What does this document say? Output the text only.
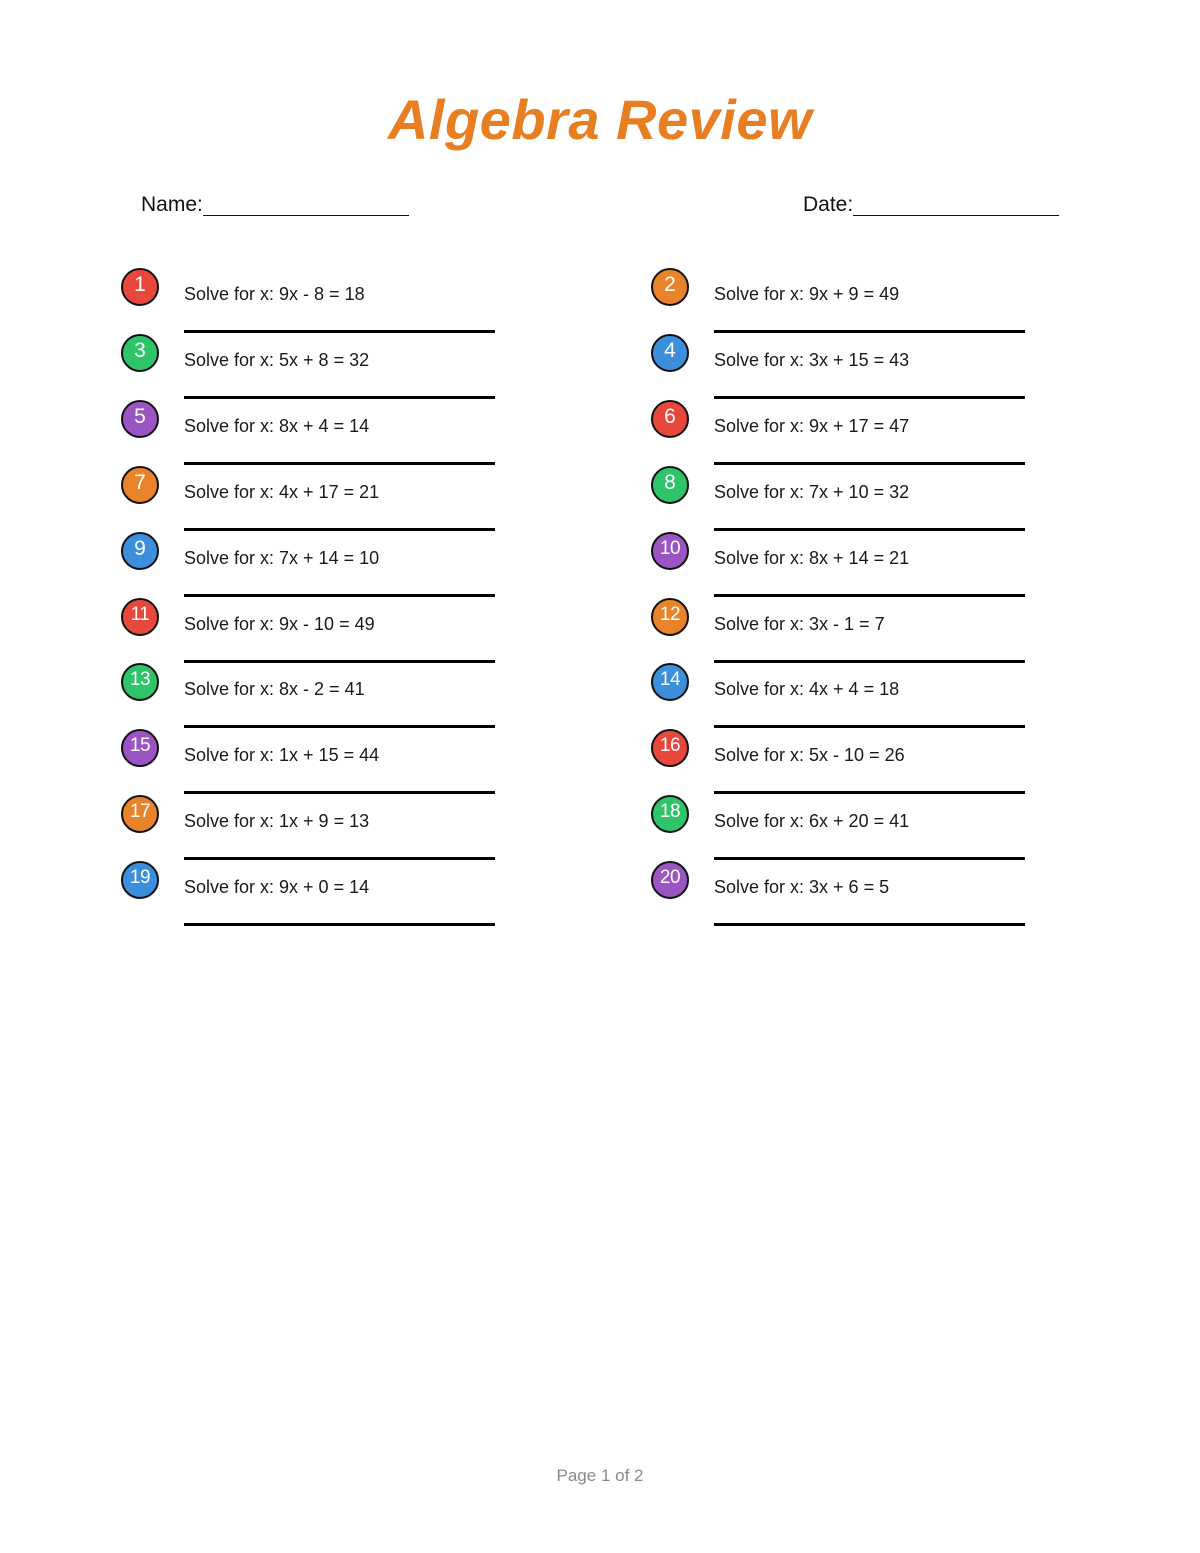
Algebra Review
Name:	Date:
1	Solve for x: 9x - 8 = 18	2	Solve for x: 9x + 9 = 49
3	Solve for x: 5x + 8 = 32	4	Solve for x: 3x + 15 = 43
5	Solve for x: 8x + 4 = 14	6	Solve for x: 9x + 17 = 47
7	Solve for x: 4x + 17 = 21	8	Solve for x: 7x + 10 = 32
9	Solve for x: 7x + 14 = 10	10	Solve for x: 8x + 14 = 21
11	Solve for x: 9x - 10 = 49	12	Solve for x: 3x - 1 = 7
13	Solve for x: 8x - 2 = 41	14	Solve for x: 4x + 4 = 18
15	Solve for x: 1x + 15 = 44	16	Solve for x: 5x - 10 = 26
17	Solve for x: 1x + 9 = 13	18	Solve for x: 6x + 20 = 41
19	Solve for x: 9x + 0 = 14	20	Solve for x: 3x + 6 = 5
Page 1 of 2
